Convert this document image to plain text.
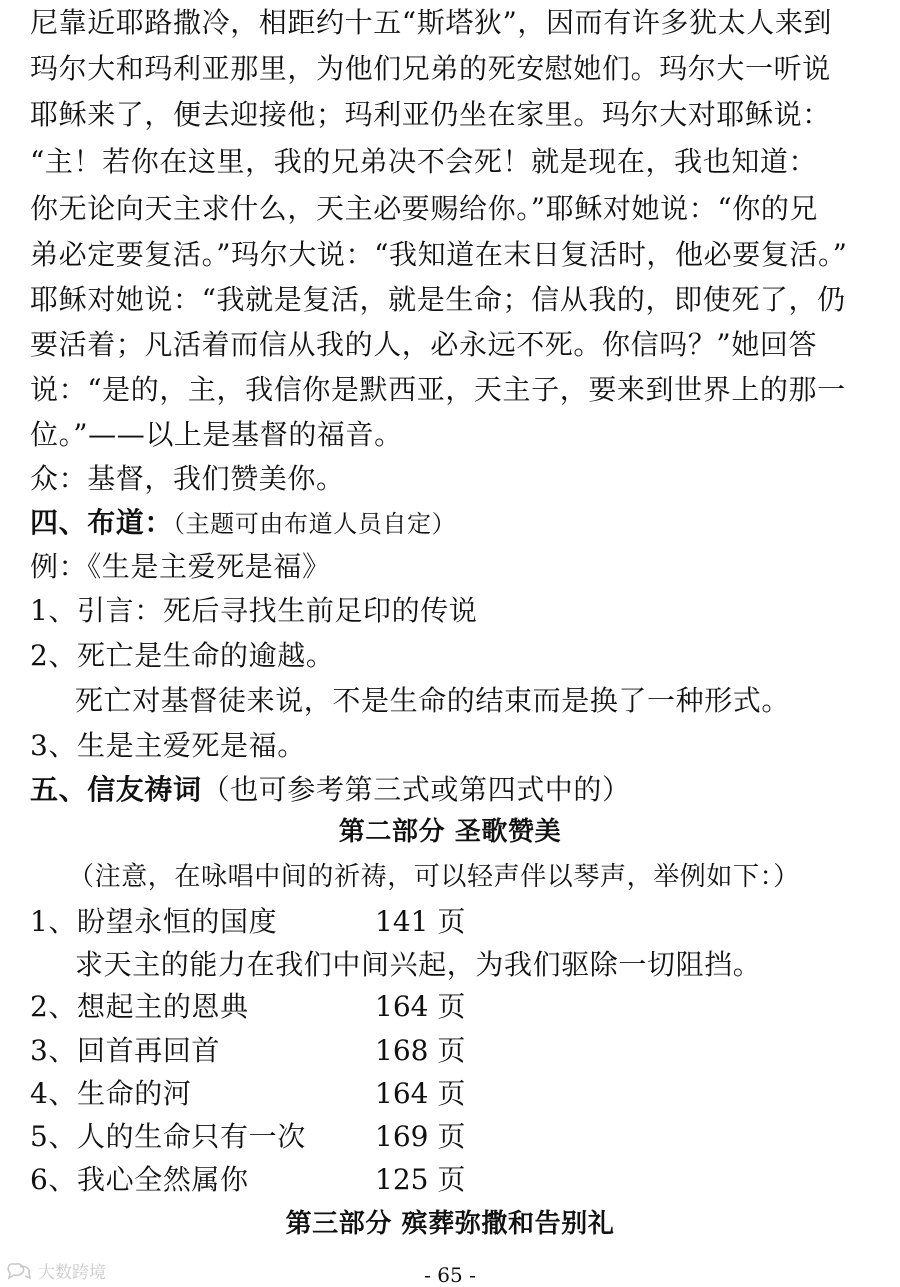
尼靠近耶路撒冷，相距约十五“斯塔狄”，因而有许多犹太人来到
玛尔大和玛利亚那里，为他们兄弟的死安慰她们。玛尔大一听说
耶稣来了，便去迎接他；玛利亚仍坐在家里。玛尔大对耶稣说：
“主！若你在这里，我的兄弟决不会死！就是现在，我也知道：
你无论向天主求什么，天主必要赐给你。”耶稣对她说：“你的兄
弟必定要复活。”玛尔大说：“我知道在末日复活时，他必要复活。”
耶稣对她说：“我就是复活，就是生命；信从我的，即使死了，仍
要活着；凡活着而信从我的人，必永远不死。你信吗？”她回答
说：“是的，主，我信你是默西亚，天主子，要来到世界上的那一
位。”——以上是基督的福音。
众：基督，我们赞美你。
四、布道：（主题可由布道人员自定）
例：《生是主爱死是福》
1、引言：死后寻找生前足印的传说
2、死亡是生命的逾越。
死亡对基督徒来说，不是生命的结束而是换了一种形式。
3、生是主爱死是福。
五、信友祷词（也可参考第三式或第四式中的）
第二部分 圣歌赞美
（注意，在咏唱中间的祈祷，可以轻声伴以琴声，举例如下：）
1、盼望永恒的国度	141 页
求天主的能力在我们中间兴起，为我们驱除一切阻挡。
2、想起主的恩典	164 页
3、回首再回首	168 页
4、生命的河	164 页
5、人的生命只有一次 169 页
6、我心全然属你	125 页
第三部分 殡葬弥撒和告别礼
大数跨境	- 65 -
